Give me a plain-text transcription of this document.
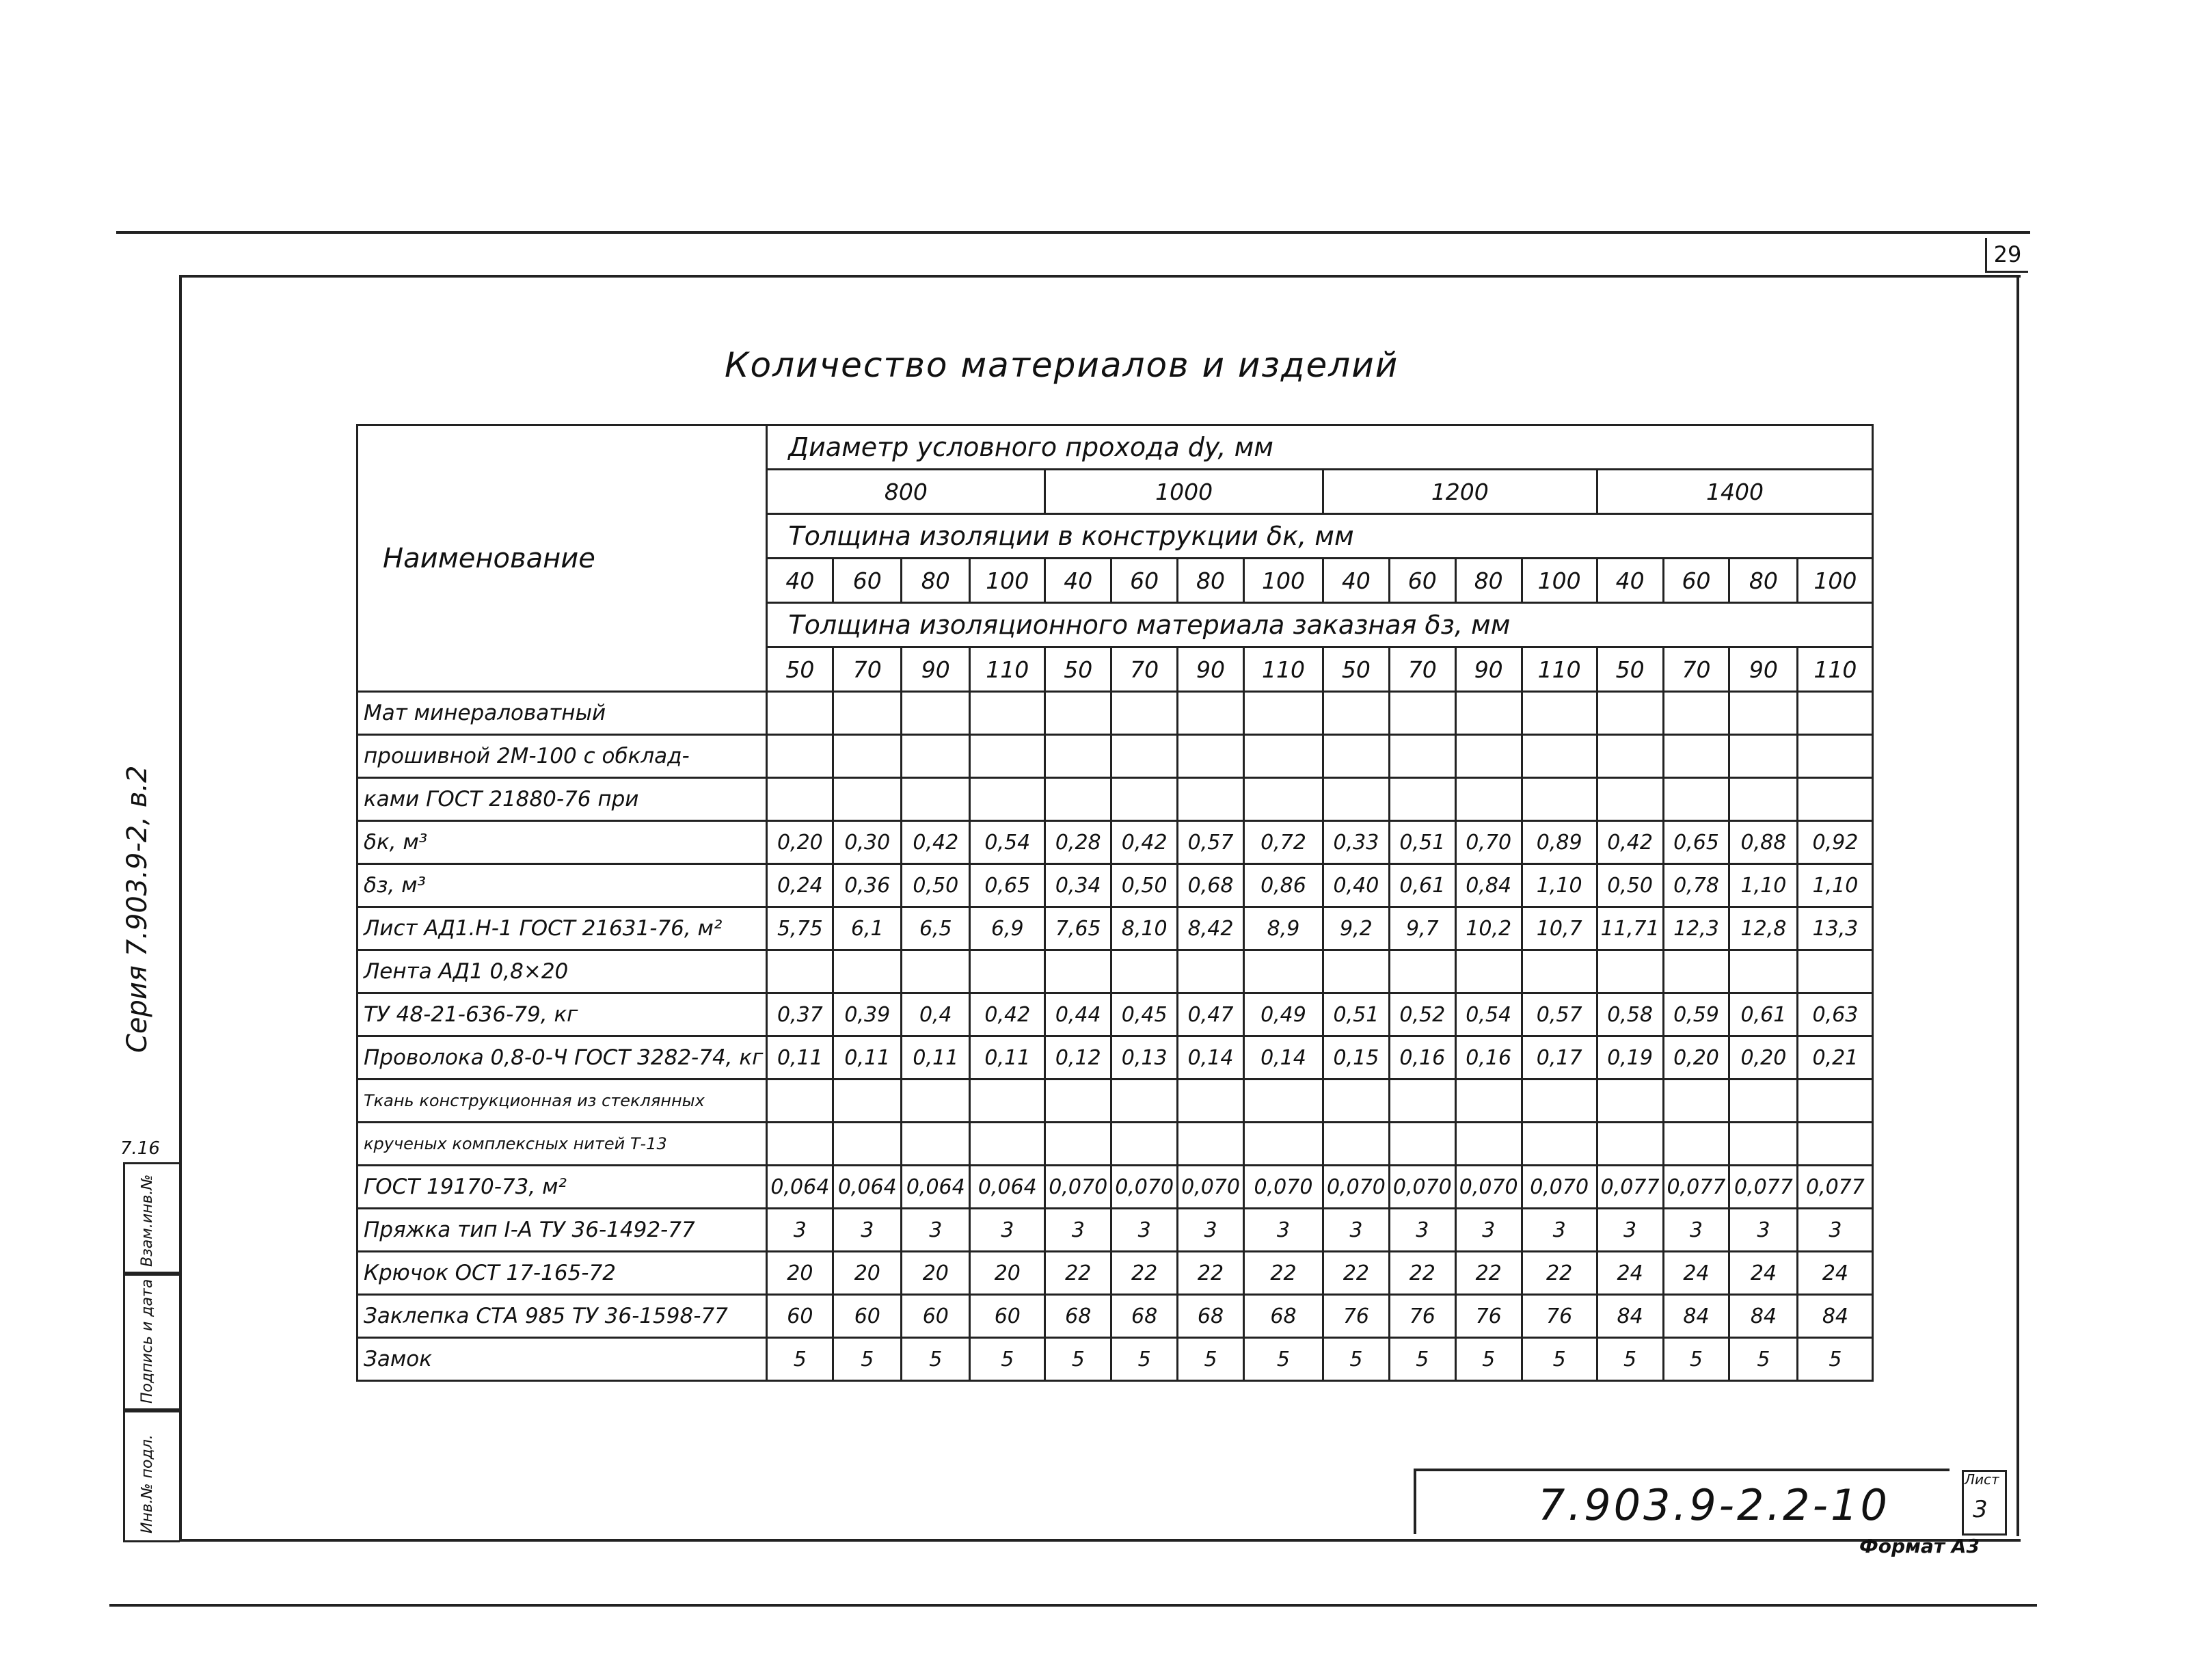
29
Количество материалов и изделий
Серия 7.903.9-2, в.2
7.16
Взам.инв.№
Подпись и дата
Инв.№ подл.
Наименование	Диаметр условного прохода dy, мм															
	800				1000				1200				1400			
	Толщина изоляции в конструкции δк, мм															
	40	60	80	100	40	60	80	100	40	60	80	100	40	60	80	100
	Толщина изоляционного материала заказная δз, мм															
	50	70	90	110	50	70	90	110	50	70	90	110	50	70	90	110
Мат минераловатный																
прошивной 2М-100 с обклад-																
ками ГОСТ 21880-76 при																
δк, м³	0,20	0,30	0,42	0,54	0,28	0,42	0,57	0,72	0,33	0,51	0,70	0,89	0,42	0,65	0,88	0,92
δз, м³	0,24	0,36	0,50	0,65	0,34	0,50	0,68	0,86	0,40	0,61	0,84	1,10	0,50	0,78	1,10	1,10
Лист АД1.Н-1 ГОСТ 21631-76, м²	5,75	6,1	6,5	6,9	7,65	8,10	8,42	8,9	9,2	9,7	10,2	10,7	11,71	12,3	12,8	13,3
Лента АД1 0,8×20																
ТУ 48-21-636-79, кг	0,37	0,39	0,4	0,42	0,44	0,45	0,47	0,49	0,51	0,52	0,54	0,57	0,58	0,59	0,61	0,63
Проволока 0,8-0-Ч ГОСТ 3282-74, кг	0,11	0,11	0,11	0,11	0,12	0,13	0,14	0,14	0,15	0,16	0,16	0,17	0,19	0,20	0,20	0,21
Ткань конструкционная из стеклянных																
крученых комплексных нитей Т-13																
ГОСТ 19170-73, м²	0,064	0,064	0,064	0,064	0,070	0,070	0,070	0,070	0,070	0,070	0,070	0,070	0,077	0,077	0,077	0,077
Пряжка тип I-А ТУ 36-1492-77	3	3	3	3	3	3	3	3	3	3	3	3	3	3	3	3
Крючок ОСТ 17-165-72	20	20	20	20	22	22	22	22	22	22	22	22	24	24	24	24
Заклепка СТА 985 ТУ 36-1598-77	60	60	60	60	68	68	68	68	76	76	76	76	84	84	84	84
Замок	5	5	5	5	5	5	5	5	5	5	5	5	5	5	5	5
7.903.9-2.2-10
Лист
3
Формат А3
